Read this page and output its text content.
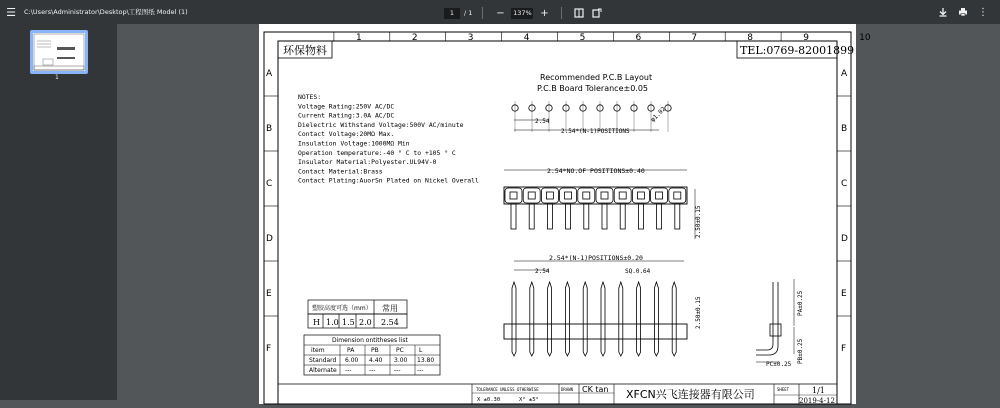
☰	C:\Users\Administrator\Desktop\工程图纸 Model (1)	1	/ 1 −	137% +	⋮
1
1	2	3	4	5	6	7	8	9	10
A	A
B	B
C	C
D	D
E	E
F	F
环保物料	TEL:0769-82001899
NOTES:
Voltage Rating:250V AC/DC
Current Rating:3.0A AC/DC
Dielectric Withstand Voltage:500V AC/minute
Contact Voltage:20MΩ Max.
Insulation Voltage:1000MΩ Min
Operation temperature:-40 ° C to +105 ° C
Insulator Material:Polyester.UL94V-0
Contact Material:Brass
Contact Plating:AuorSn Plated on Nickel Overall
Recommended P.C.B Layout
P.C.B Board Tolerance±0.05
2.54
2.54*(N-1)POSITIONS
φ1.02
2.54*NO.OF POSITIONS±0.40
2.50±0.15
2.54*(N-1)POSITIONS±0.20
2.54	SQ.0.64
2.50±0.15	PA±0.25
PB±0.25
PC±0.25
塑胶高度可选（mm） 常用
H 1.0 1.5 2.0 2.54
Dimension ontitheses list
item	PA	PB	PC	L
Standard 6.00 4.40 3.00 13.80
Alternate ---	---	---	---
TOLERANCE UNLESS OTHERWISE	DRAWN CK tan XFCN兴飞连接器有限公司	SHEET	1/1
X ±0.30	X° ±5°	2019-4-12
